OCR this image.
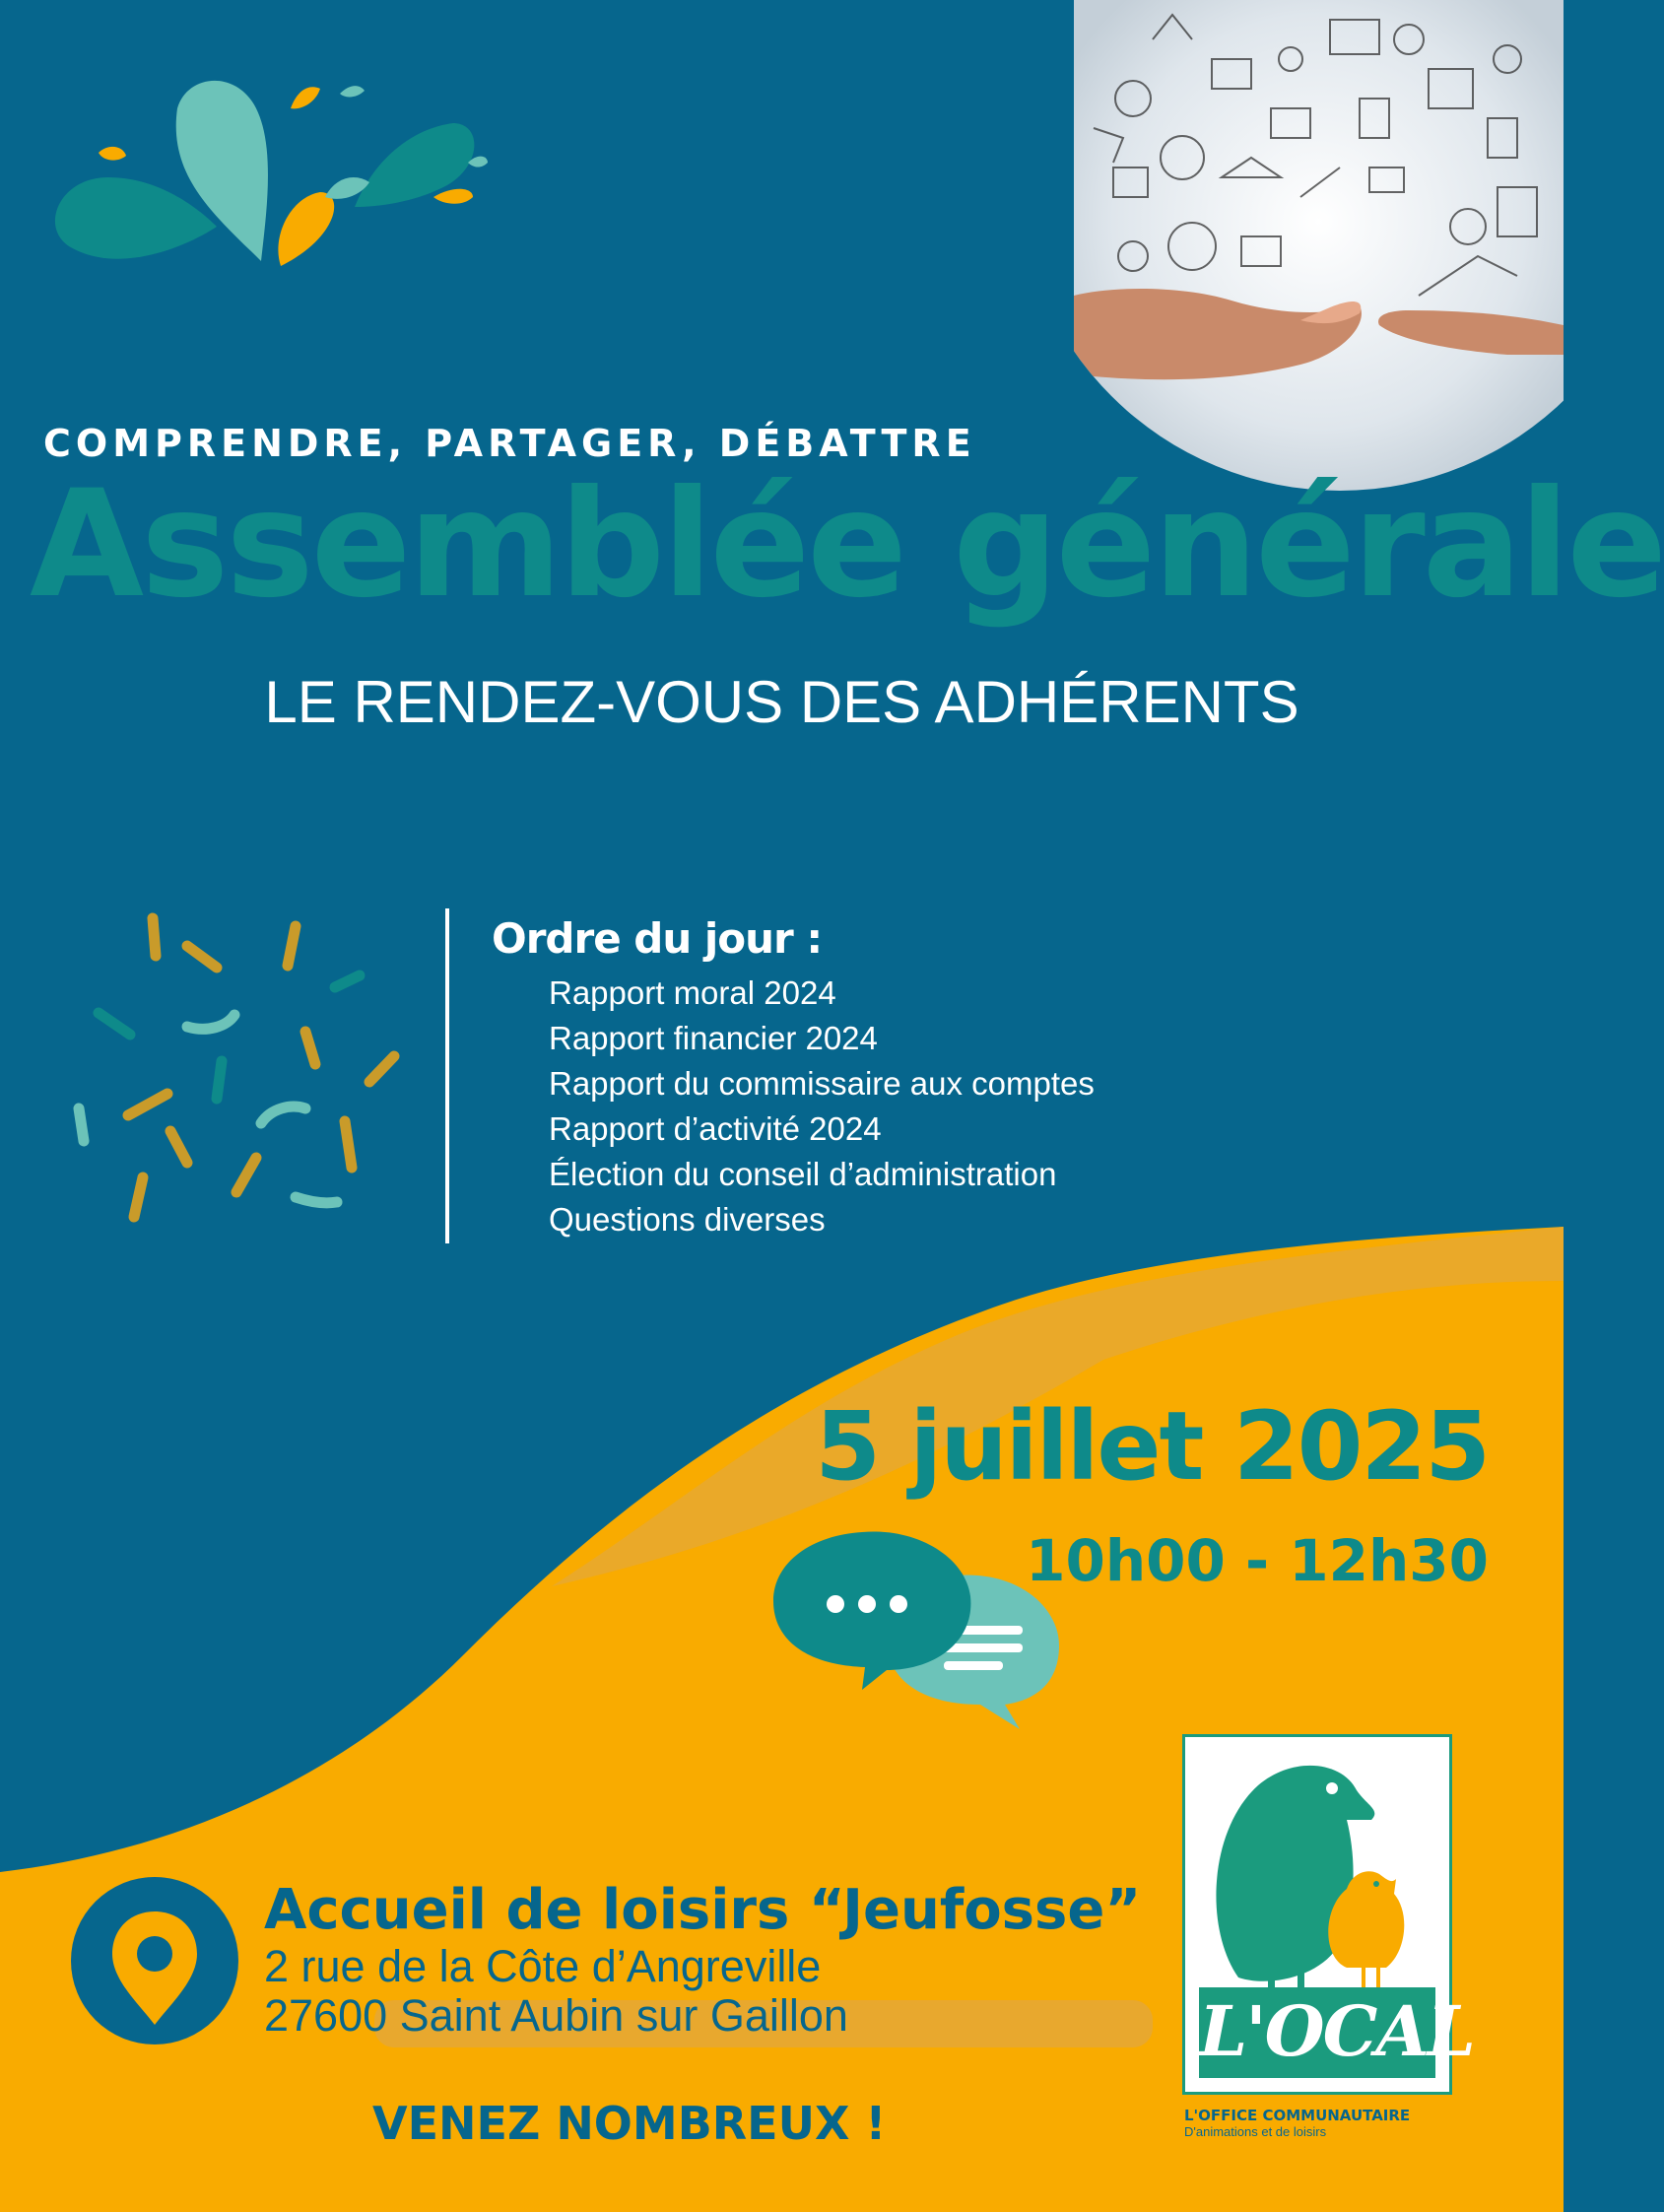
COMPRENDRE, PARTAGER, DÉBATTRE
Assemblée générale
LE RENDEZ-VOUS DES ADHÉRENTS
Ordre du jour :
Rapport moral 2024
Rapport financier 2024
Rapport du commissaire aux comptes
Rapport d’activité 2024
Élection du conseil d’administration
Questions diverses
5 juillet 2025
10h00 - 12h30
Accueil de loisirs “Jeufosse”
2 rue de la Côte d’Angreville
27600 Saint Aubin sur Gaillon
VENEZ NOMBREUX !
L'OCAL
L'OFFICE COMMUNAUTAIRE
D'animations et de loisirs
